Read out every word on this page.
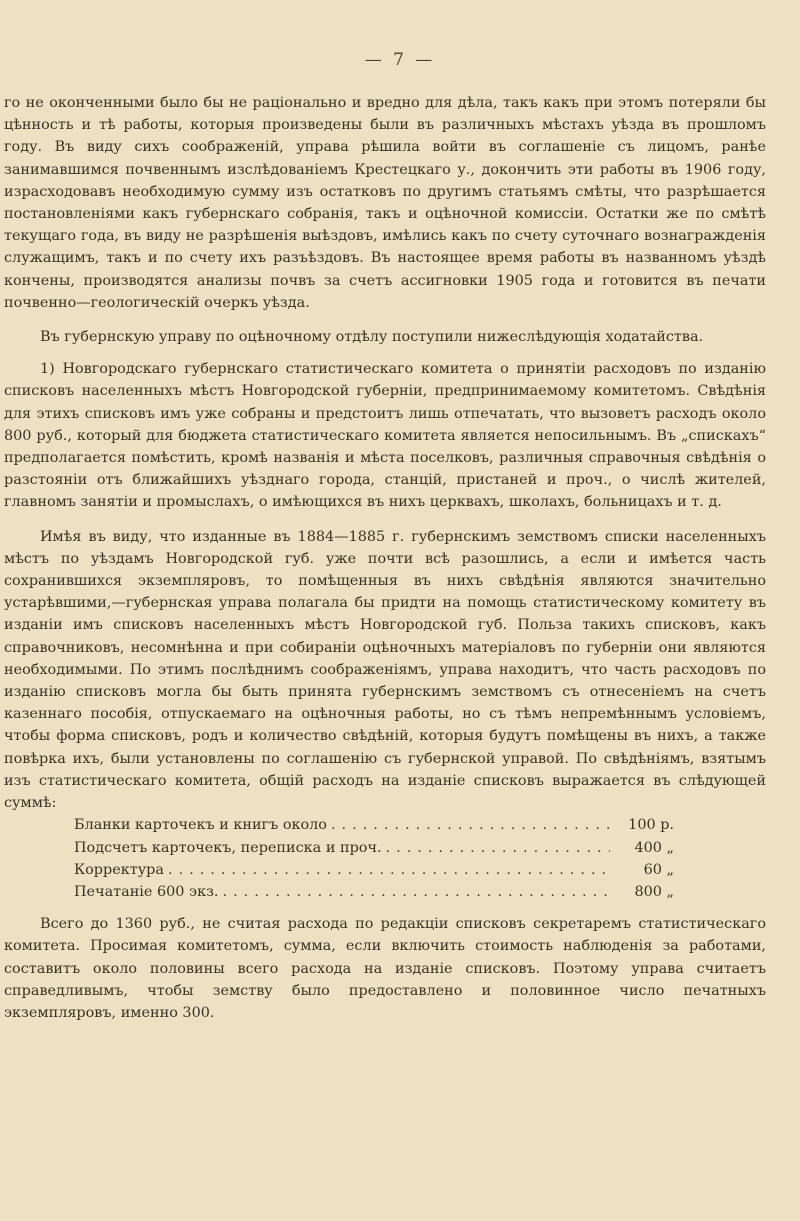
— 7 —

го не оконченными было бы не раціонально и вредно для дѣла, такъ какъ при этомъ потеряли бы цѣнность и тѣ работы, которыя произведены были въ различныхъ мѣстахъ уѣзда въ прошломъ году. Въ виду сихъ соображеній, управа рѣшила войти въ соглашеніе съ лицомъ, ранѣе занимавшимся почвеннымъ изслѣдованіемъ Крестецкаго у., докончить эти работы въ 1906 году, израсходовавъ необходимую сумму изъ остатковъ по другимъ статьямъ смѣты, что разрѣшается постановленіями какъ губернскаго собранія, такъ и оцѣночной комиссіи. Остатки же по смѣтѣ текущаго года, въ виду не разрѣшенія выѣздовъ, имѣлись какъ по счету суточнаго вознагражденія служащимъ, такъ и по счету ихъ разъѣздовъ. Въ настоящее время работы въ названномъ уѣздѣ кончены, производятся анализы почвъ за счетъ ассигновки 1905 года и готовится въ печати почвенно—геологическій очеркъ уѣзда.

Въ губернскую управу по оцѣночному отдѣлу поступили нижеслѣдующія ходатайства.

1) Новгородскаго губернскаго статистическаго комитета о принятіи расходовъ по изданію списковъ населенныхъ мѣстъ Новгородской губерніи, предпринимаемому комитетомъ. Свѣдѣнія для этихъ списковъ имъ уже собраны и предстоитъ лишь отпечатать, что вызоветъ расходъ около 800 руб., который для бюджета статистическаго комитета является непосильнымъ. Въ „спискахъ“ предполагается помѣстить, кромѣ названія и мѣста поселковъ, различныя справочныя свѣдѣнія о разстояніи отъ ближайшихъ уѣзднаго города, станцій, пристаней и проч., о числѣ жителей, главномъ занятіи и промыслахъ, о имѣющихся въ нихъ церквахъ, школахъ, больницахъ и т. д.

Имѣя въ виду, что изданные въ 1884—1885 г. губернскимъ земствомъ списки населенныхъ мѣстъ по уѣздамъ Новгородской губ. уже почти всѣ разошлись, а если и имѣется часть сохранившихся экземпляровъ, то помѣщенныя въ нихъ свѣдѣнія являются значительно устарѣвшими,—губернская управа полагала бы придти на помощь статистическому комитету въ изданіи имъ списковъ населенныхъ мѣстъ Новгородской губ. Польза такихъ списковъ, какъ справочниковъ, несомнѣнна и при собираніи оцѣночныхъ матеріаловъ по губерніи они являются необходимыми. По этимъ послѣднимъ соображеніямъ, управа находитъ, что часть расходовъ по изданію списковъ могла бы быть принята губернскимъ земствомъ съ отнесеніемъ на счетъ казеннаго пособія, отпускаемаго на оцѣночныя работы, но съ тѣмъ непремѣннымъ условіемъ, чтобы форма списковъ, родъ и количество свѣдѣній, которыя будутъ помѣщены въ нихъ, а также повѣрка ихъ, были установлены по соглашенію съ губернской управой. По свѣдѣніямъ, взятымъ изъ статистическаго комитета, общій расходъ на изданіе списковъ выражается въ слѣдующей суммѣ:

Бланки карточекъ и книгъ около .....	100 р.
Подсчетъ карточекъ, переписка и проч. .....	400 „
Корректура .....	60 „
Печатаніе 600 экз. .....	800 „

Всего до 1360 руб., не считая расхода по редакціи списковъ секретаремъ статистическаго комитета. Просимая комитетомъ, сумма, если включить стоимость наблюденія за работами, составитъ около половины всего расхода на изданіе списковъ. Поэтому управа считаетъ справедливымъ, чтобы земству было предоставлено и половинное число печатныхъ экземпляровъ, именно 300.
